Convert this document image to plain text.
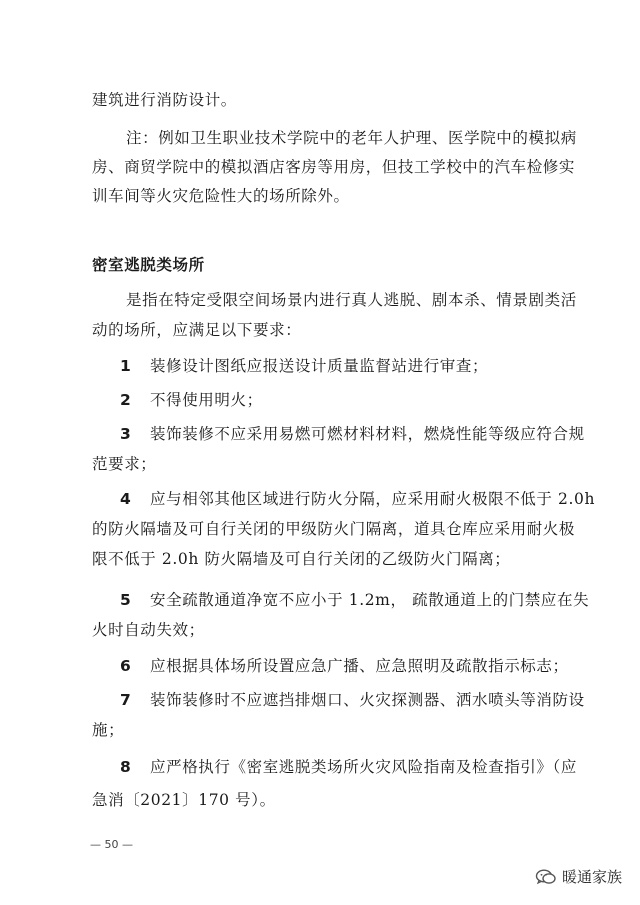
建筑进行消防设计。
注：例如卫生职业技术学院中的老年人护理、医学院中的模拟病
房、商贸学院中的模拟酒店客房等用房，但技工学校中的汽车检修实
训车间等火灾危险性大的场所除外。
密室逃脱类场所
是指在特定受限空间场景内进行真人逃脱、剧本杀、情景剧类活
动的场所，应满足以下要求：
1 装修设计图纸应报送设计质量监督站进行审查；
2 不得使用明火；
3 装饰装修不应采用易燃可燃材料材料，燃烧性能等级应符合规
范要求；
4 应与相邻其他区域进行防火分隔，应采用耐火极限不低于 2.0h
的防火隔墙及可自行关闭的甲级防火门隔离，道具仓库应采用耐火极
限不低于 2.0h 防火隔墙及可自行关闭的乙级防火门隔离；
5 安全疏散通道净宽不应小于 1.2m， 疏散通道上的门禁应在失
火时自动失效；
6 应根据具体场所设置应急广播、应急照明及疏散指示标志；
7 装饰装修时不应遮挡排烟口、火灾探测器、洒水喷头等消防设
施；
8 应严格执行《密室逃脱类场所火灾风险指南及检查指引》（应
急消〔2021〕170 号）。
— 50 —
暖通家族
